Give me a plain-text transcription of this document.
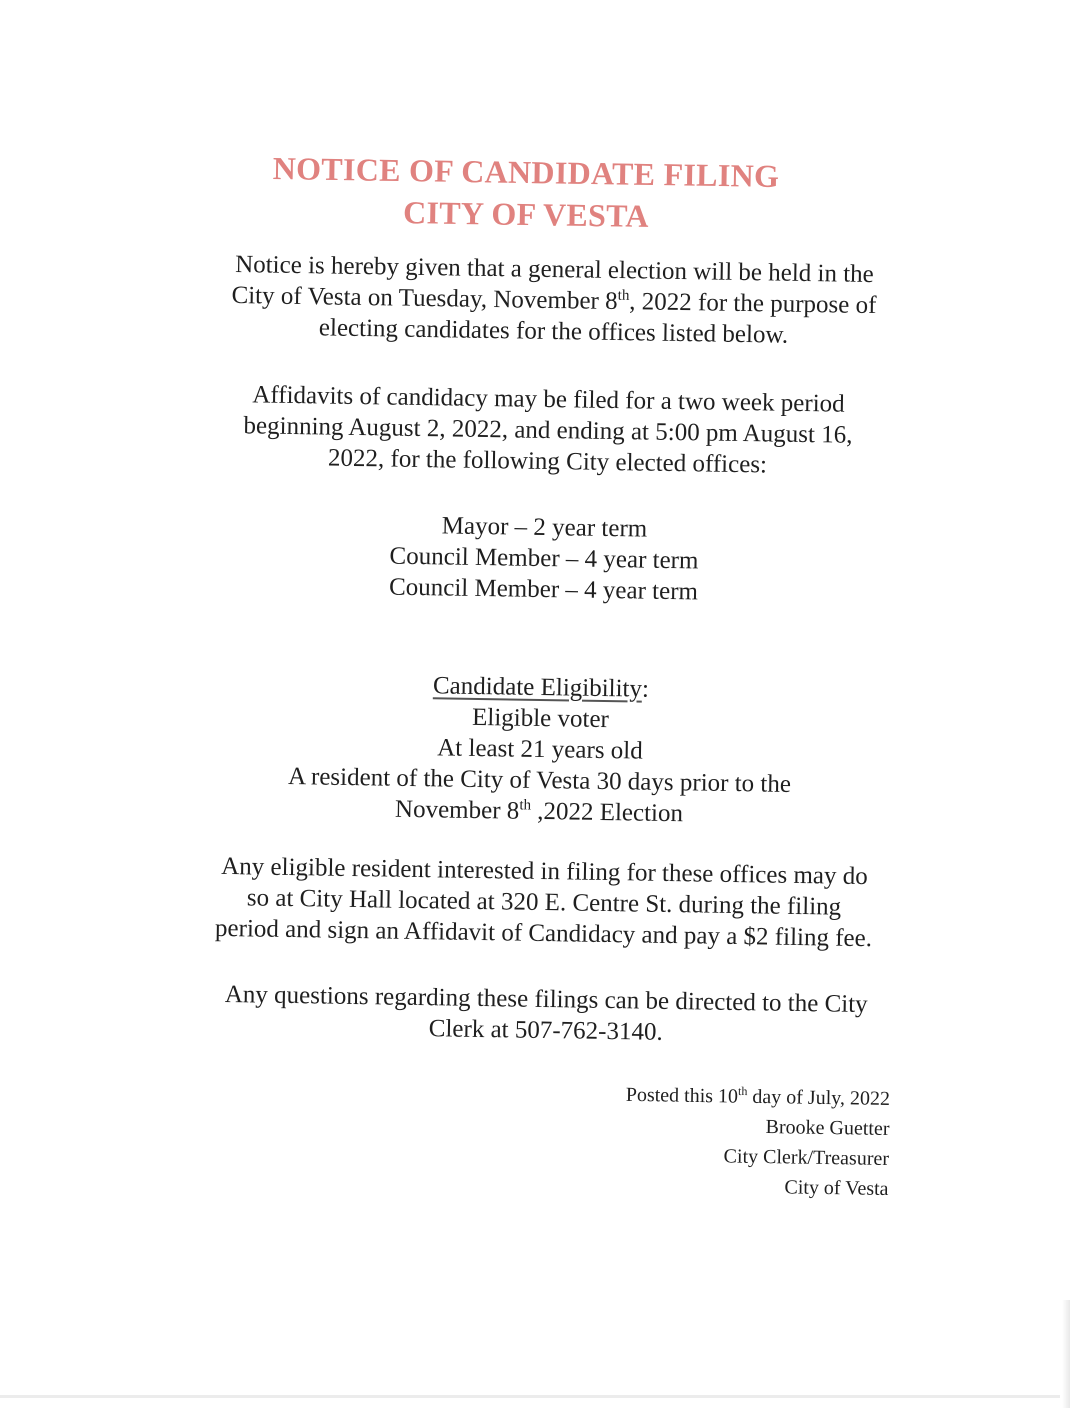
NOTICE OF CANDIDATE FILING
CITY OF VESTA
Notice is hereby given that a general election will be held in the
City of Vesta on Tuesday, November 8th, 2022 for the purpose of
electing candidates for the offices listed below.
Affidavits of candidacy may be filed for a two week period
beginning August 2, 2022, and ending at 5:00 pm August 16,
2022, for the following City elected offices:
Mayor – 2 year term
Council Member – 4 year term
Council Member – 4 year term
Candidate Eligibility:
Eligible voter
At least 21 years old
A resident of the City of Vesta 30 days prior to the
November 8th ,2022 Election
Any eligible resident interested in filing for these offices may do
so at City Hall located at 320 E. Centre St. during the filing
period and sign an Affidavit of Candidacy and pay a $2 filing fee.
Any questions regarding these filings can be directed to the City
Clerk at 507-762-3140.
Posted this 10th day of July, 2022
Brooke Guetter
City Clerk/Treasurer
City of Vesta
